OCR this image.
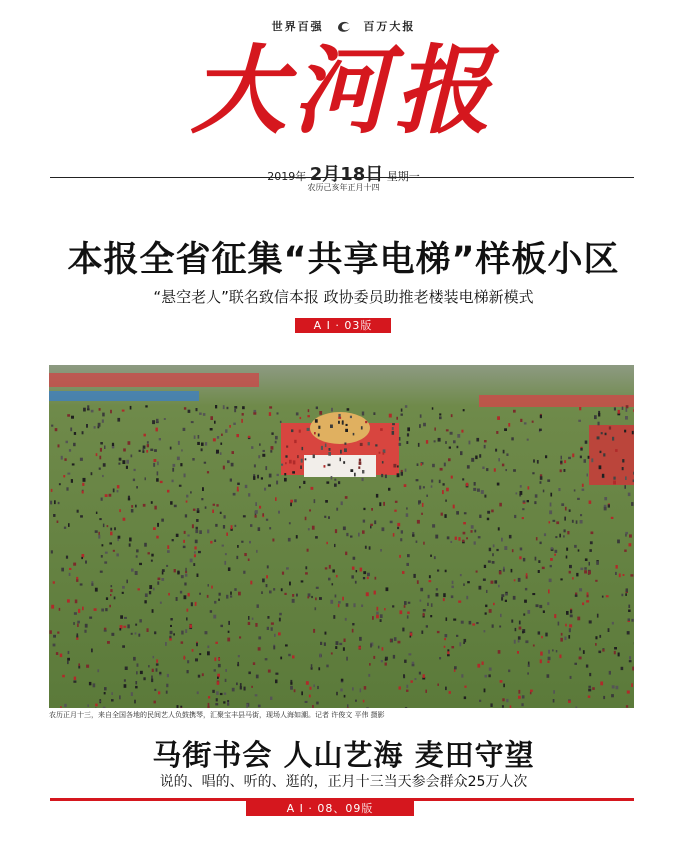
世界百强	百万大报
大河报
2019年 2月18日 星期一
农历己亥年正月十四
本报全省征集“共享电梯”样板小区
“悬空老人”联名致信本报 政协委员助推老楼装电梯新模式
A I · 03版
农历正月十三，来自全国各地的民间艺人负鼓携琴，汇聚宝丰县马街，现场人海如潮。记者 许俊文 平伟 摄影
马街书会 人山艺海 麦田守望
说的、唱的、听的、逛的，正月十三当天参会群众25万人次
A I · 08、09版
